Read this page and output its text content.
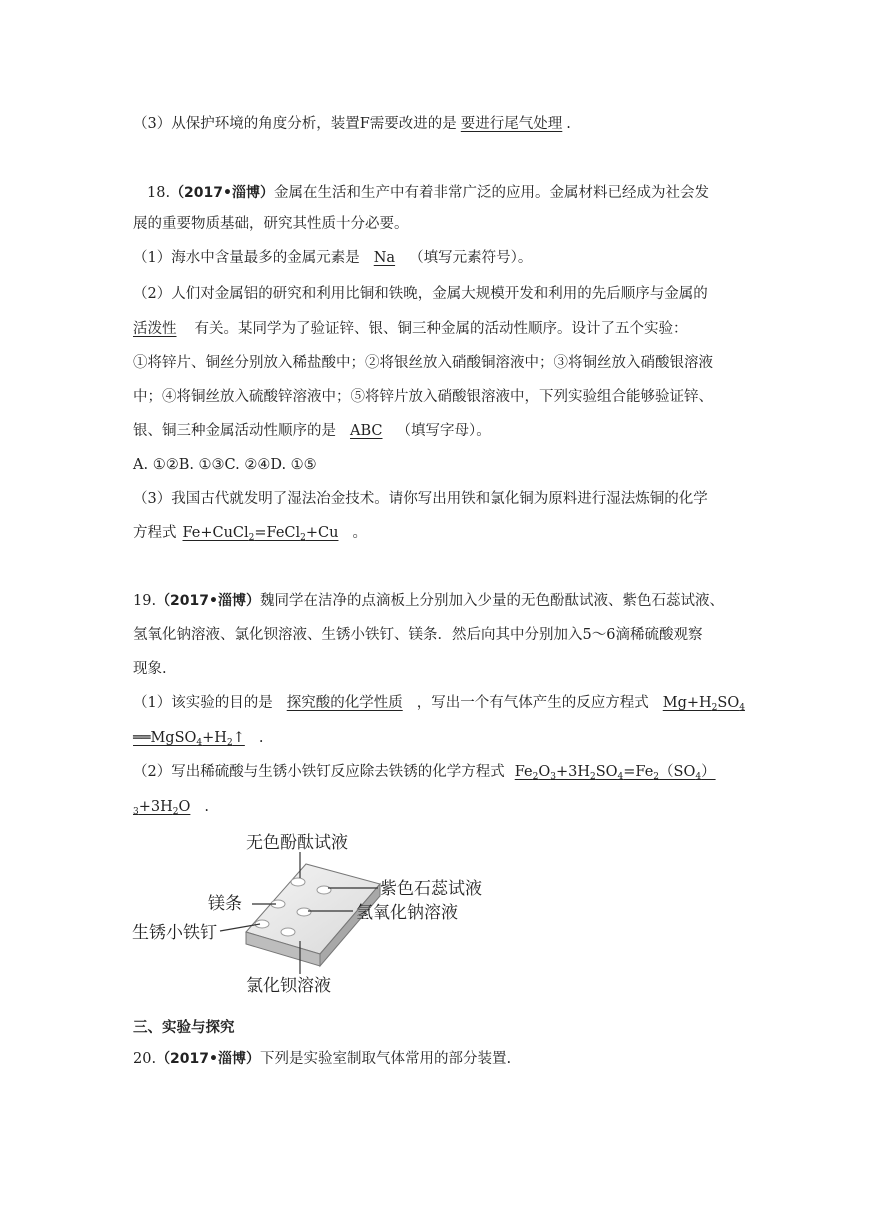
（3）从保护环境的角度分析，装置F需要改进的是 要进行尾气处理 .
18.（2017•淄博）金属在生活和生产中有着非常广泛的应用。金属材料已经成为社会发
展的重要物质基础，研究其性质十分必要。
（1）海水中含量最多的金属元素是 Na （填写元素符号）。
（2）人们对金属铝的研究和利用比铜和铁晚，金属大规模开发和利用的先后顺序与金属的
活泼性 有关。某同学为了验证锌、银、铜三种金属的活动性顺序。设计了五个实验：
①将锌片、铜丝分别放入稀盐酸中；②将银丝放入硝酸铜溶液中；③将铜丝放入硝酸银溶液
中；④将铜丝放入硫酸锌溶液中；⑤将锌片放入硝酸银溶液中，下列实验组合能够验证锌、
银、铜三种金属活动性顺序的是 ABC （填写字母）。
A. ①②B. ①③C. ②④D. ①⑤
（3）我国古代就发明了湿法冶金技术。请你写出用铁和氯化铜为原料进行湿法炼铜的化学
方程式 Fe+CuCl$_2$=FeCl$_2$+Cu 。
19.（2017•淄博）魏同学在洁净的点滴板上分别加入少量的无色酚酞试液、紫色石蕊试液、
氢氧化钠溶液、氯化钡溶液、生锈小铁钉、镁条．然后向其中分别加入5～6滴稀硫酸观察
现象.
（1）该实验的目的是 探究酸的化学性质 ，写出一个有气体产生的反应方程式 $Mg+H_2SO_4$
$══MgSO_4+H_2↑$ .
（2）写出稀硫酸与生锈小铁钉反应除去铁锈的化学方程式 $Fe_2O_3+3H_2SO_4=Fe_2(SO_4)$
$_3+3H_2O$ .
无色酚酞试液
紫色石蕊试液
镁条	氢氧化钠溶液
生锈小铁钉
氯化钡溶液
三、实验与探究
20.（2017•淄博）下列是实验室制取气体常用的部分装置.
